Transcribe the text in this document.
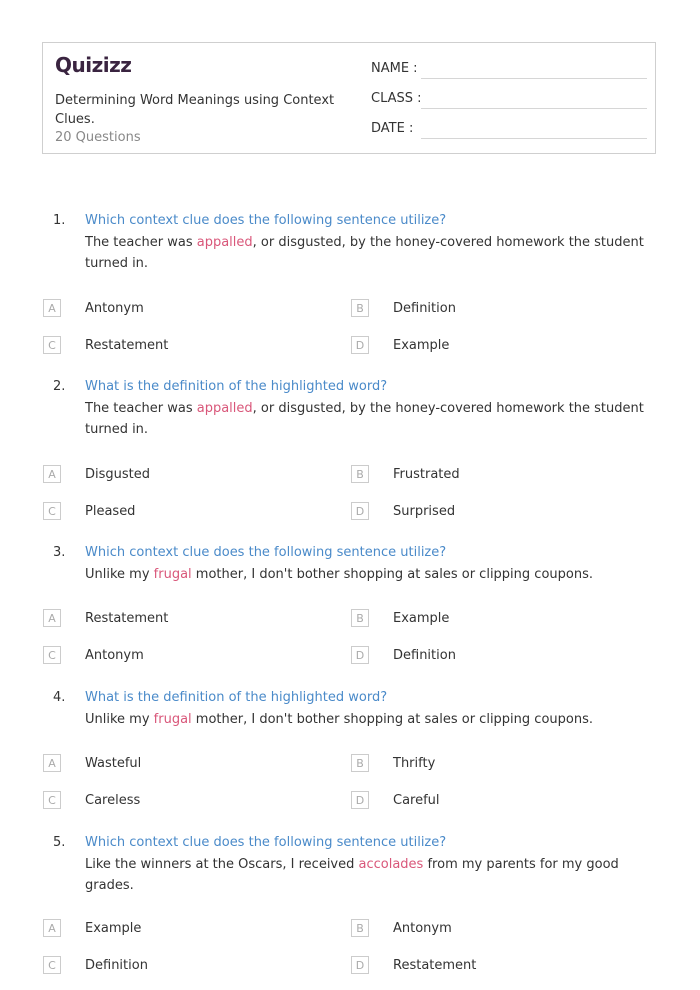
Quizizz
Determining Word Meanings using Context Clues.
20 Questions
NAME :
CLASS :
DATE :
1. Which context clue does the following sentence utilize?
The teacher was appalled, or disgusted, by the honey-covered homework the student turned in.
A	Antonym	B	Definition
C	Restatement	D	Example
2. What is the definition of the highlighted word?
The teacher was appalled, or disgusted, by the honey-covered homework the student turned in.
A	Disgusted	B	Frustrated
C	Pleased	D	Surprised
3. Which context clue does the following sentence utilize?
Unlike my frugal mother, I don't bother shopping at sales or clipping coupons.
A	Restatement	B	Example
C	Antonym	D	Definition
4. What is the definition of the highlighted word?
Unlike my frugal mother, I don't bother shopping at sales or clipping coupons.
A	Wasteful	B	Thrifty
C	Careless	D	Careful
5. Which context clue does the following sentence utilize?
Like the winners at the Oscars, I received accolades from my parents for my good grades.
A	Example	B	Antonym
C	Definition	D	Restatement
